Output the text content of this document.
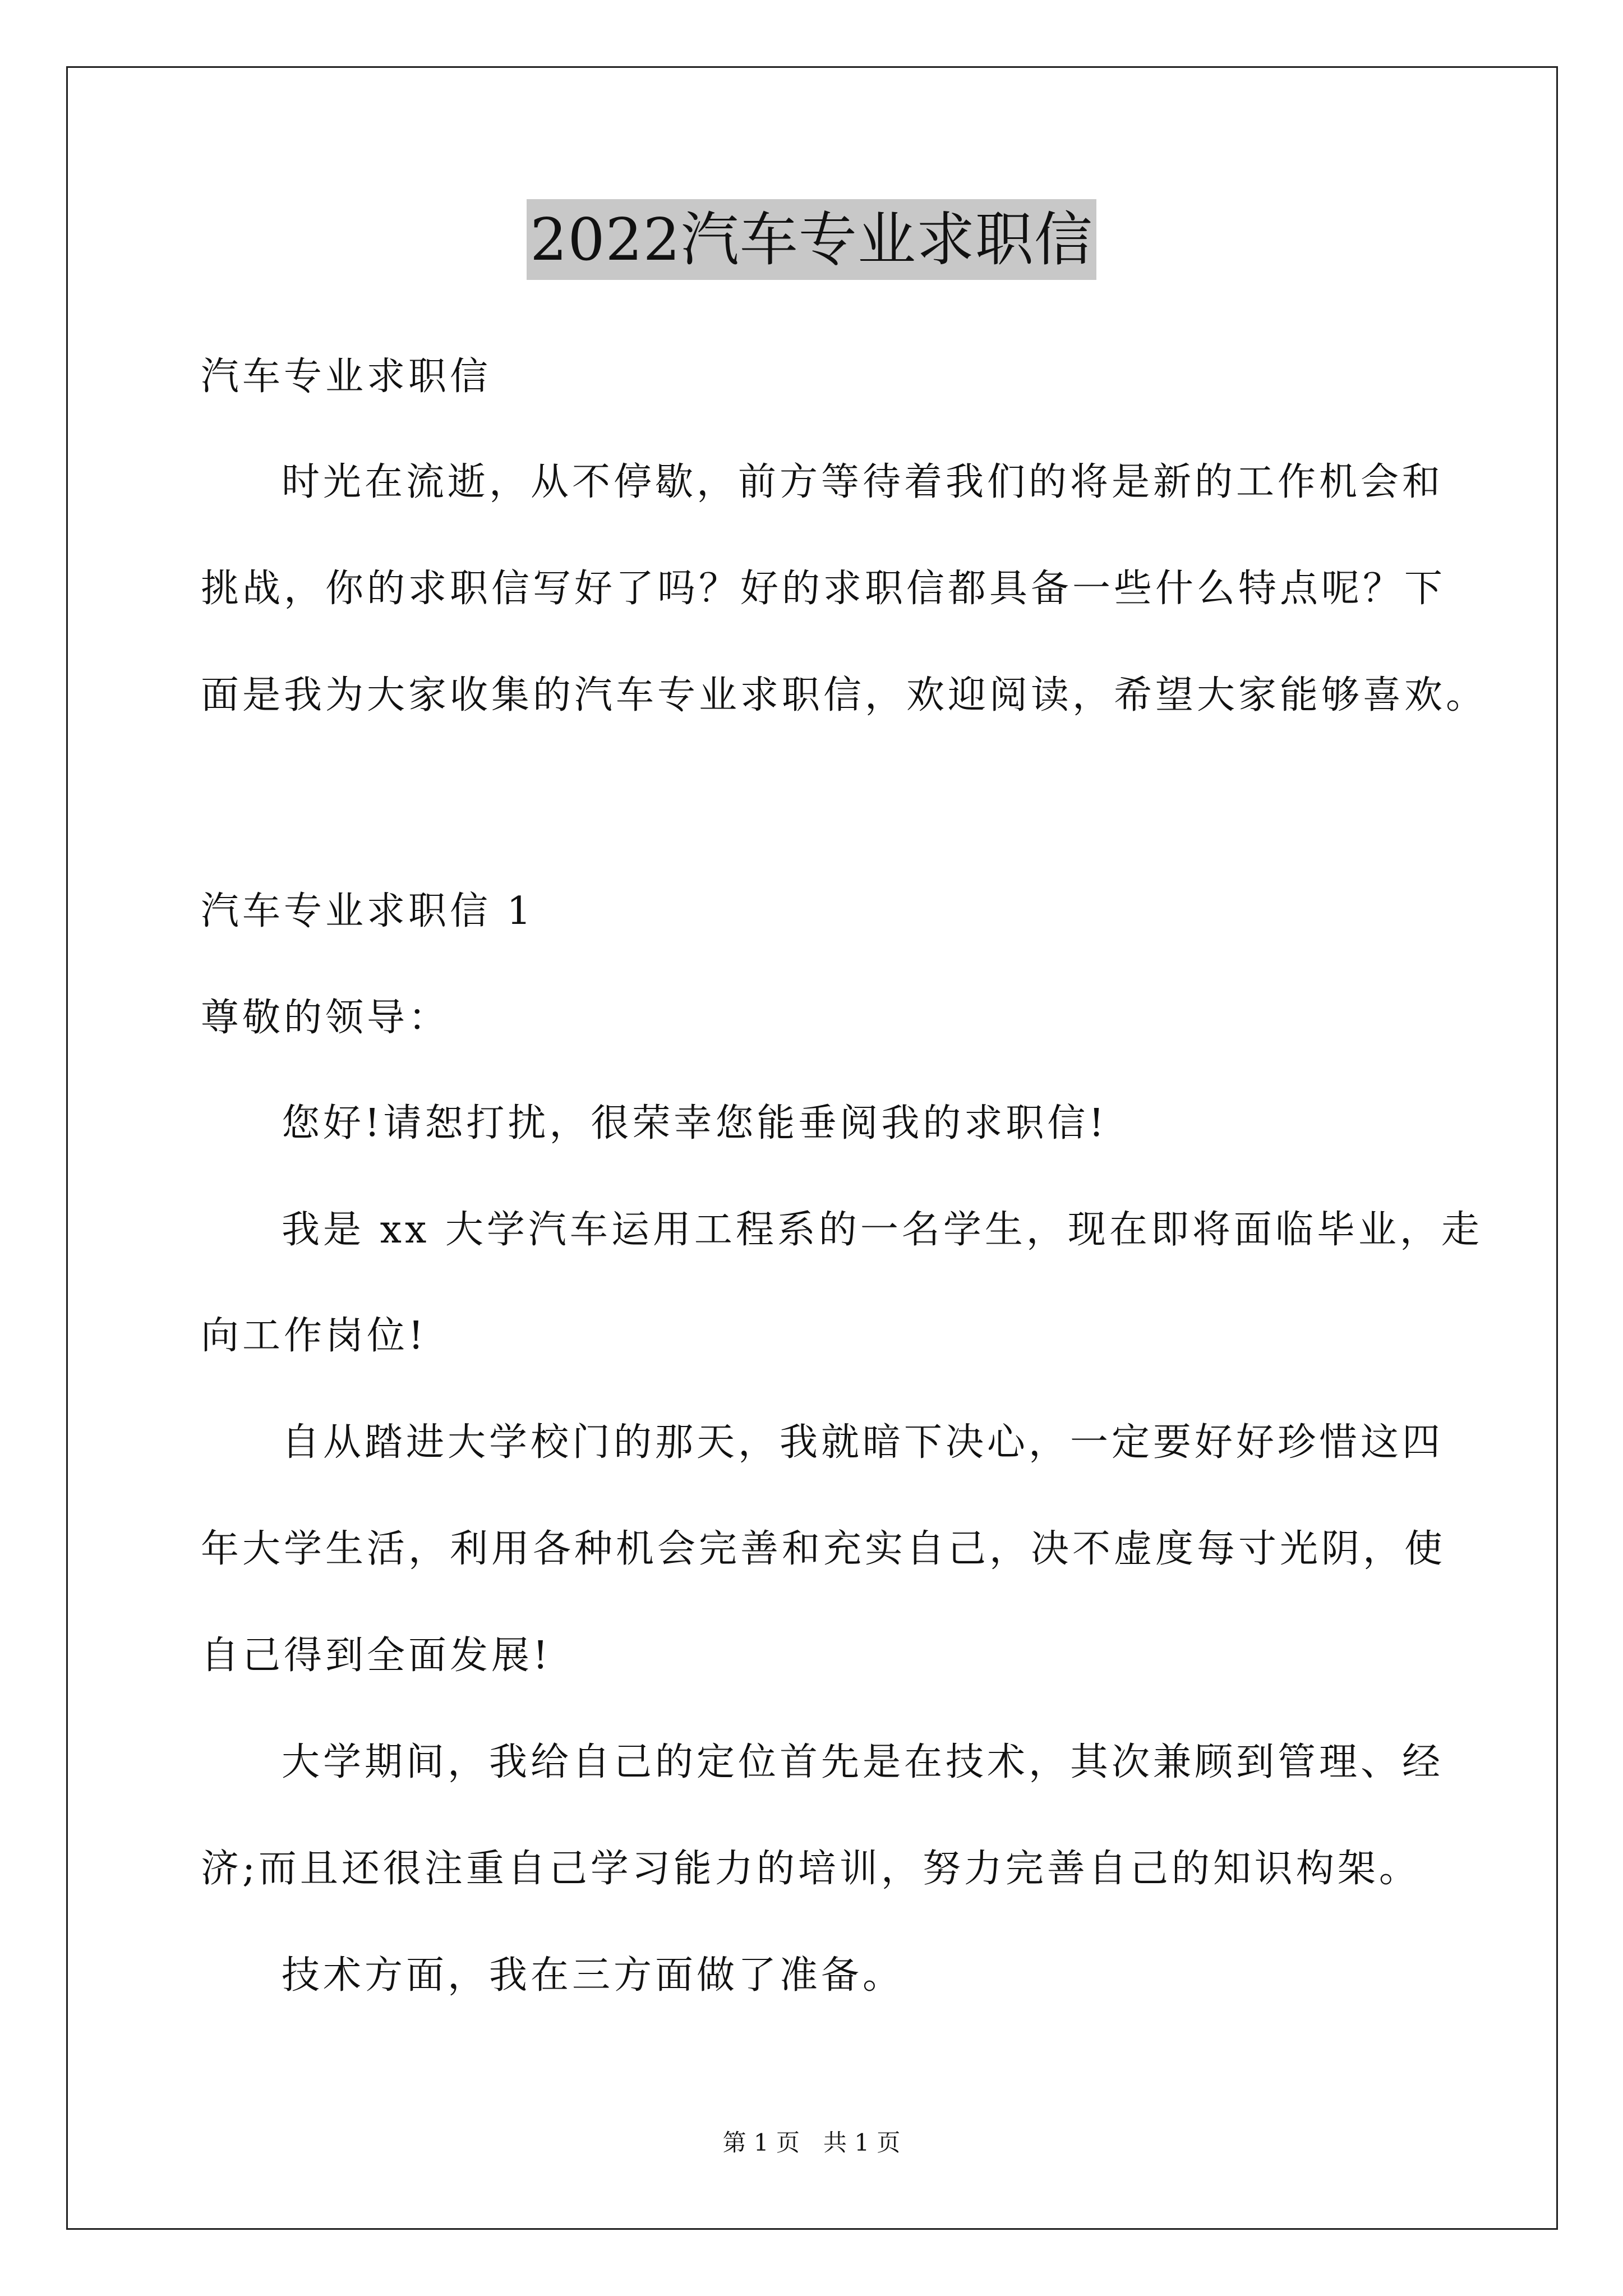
2022汽车专业求职信
汽车专业求职信
时光在流逝，从不停歇，前方等待着我们的将是新的工作机会和
挑战，你的求职信写好了吗？好的求职信都具备一些什么特点呢？下
面是我为大家收集的汽车专业求职信，欢迎阅读，希望大家能够喜欢。
汽车专业求职信 1
尊敬的领导：
您好!请恕打扰，很荣幸您能垂阅我的求职信!
我是 xx 大学汽车运用工程系的一名学生，现在即将面临毕业，走
向工作岗位!
自从踏进大学校门的那天，我就暗下决心，一定要好好珍惜这四
年大学生活，利用各种机会完善和充实自己，决不虚度每寸光阴，使
自己得到全面发展!
大学期间，我给自己的定位首先是在技术，其次兼顾到管理、经
济;而且还很注重自己学习能力的培训，努力完善自己的知识构架。
技术方面，我在三方面做了准备。
第 1 页　共 1 页
